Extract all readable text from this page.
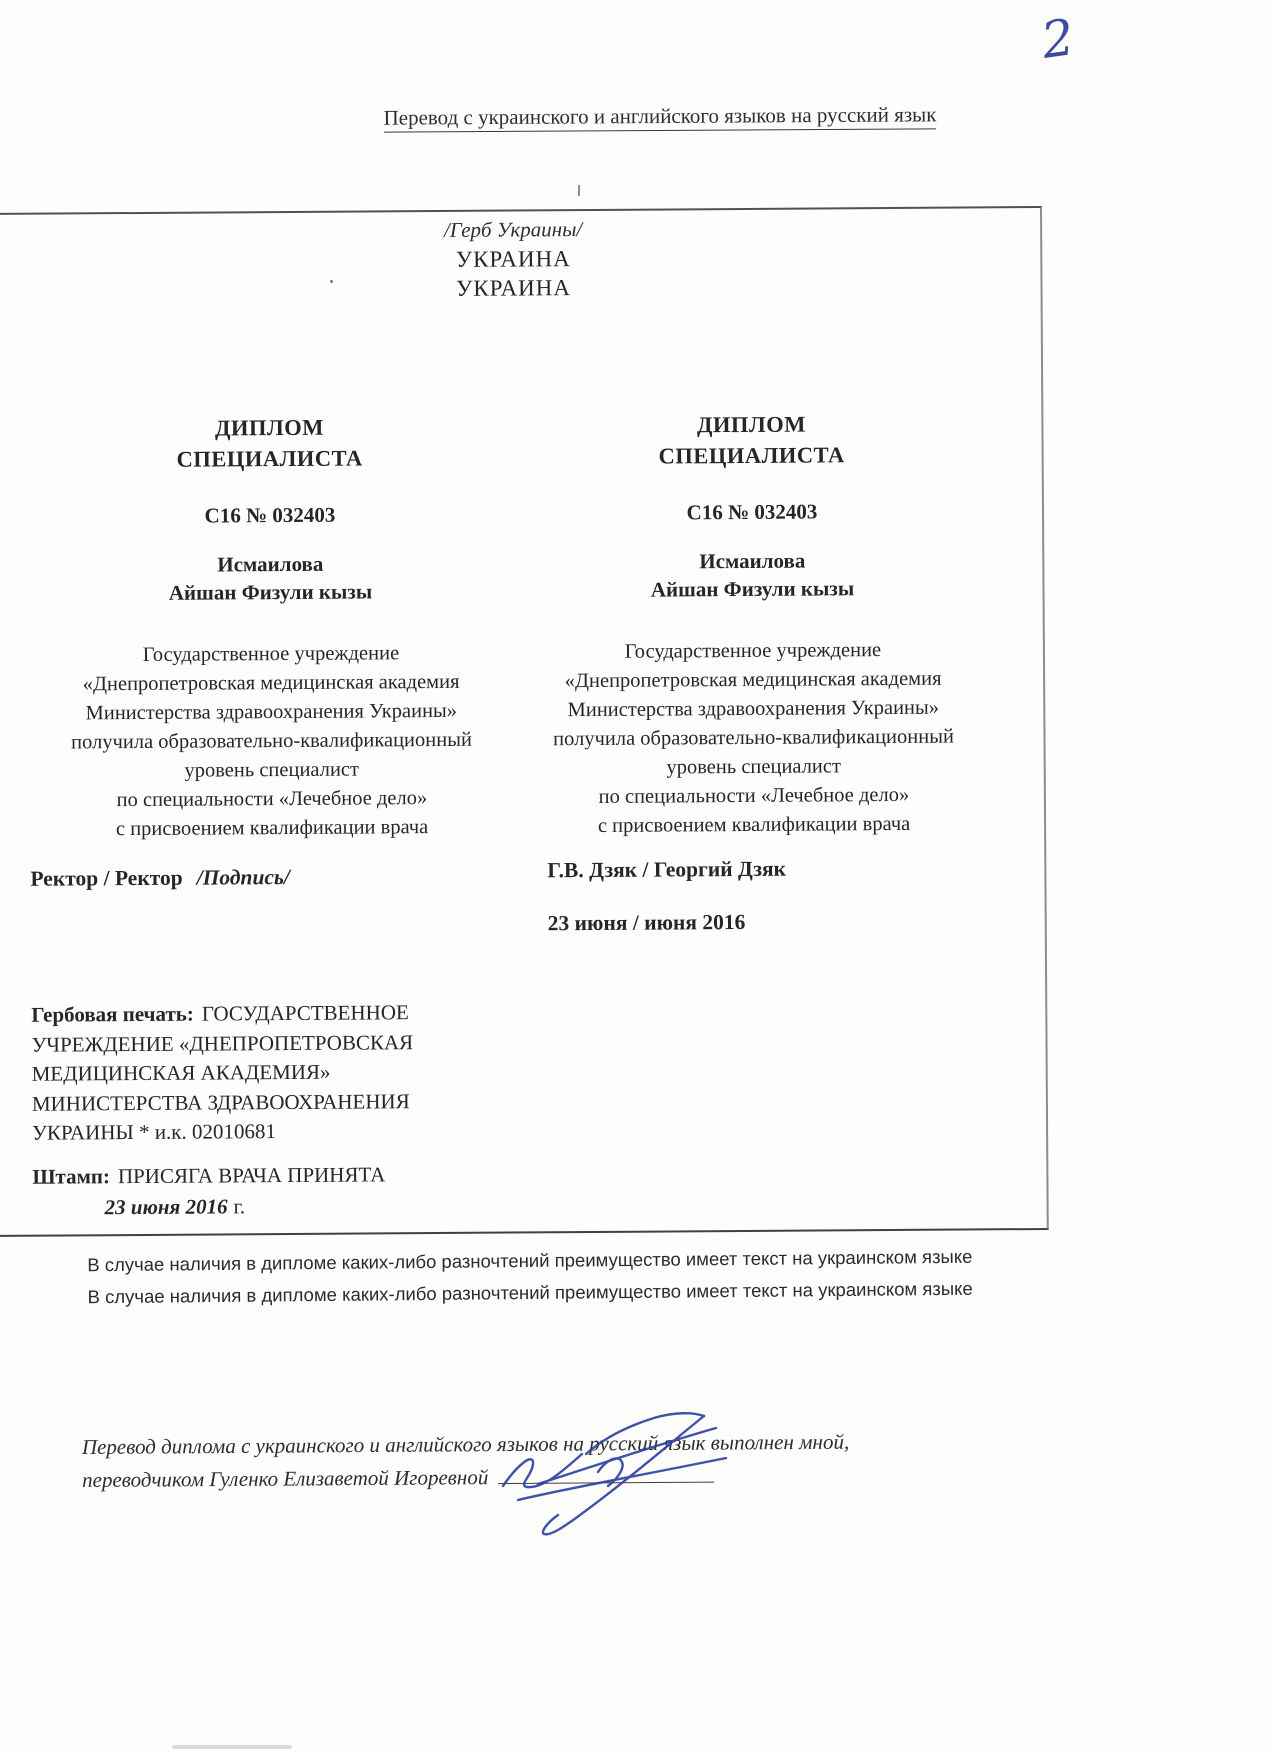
2
Перевод с украинского и английского языков на русский язык
/Герб Украины/
УКРАИНА
УКРАИНА
ДИПЛОМ
СПЕЦИАЛИСТА
С16 № 032403
Исмаилова
Айшан Физули кызы
Государственное учреждение
«Днепропетровская медицинская академия
Министерства здравоохранения Украины»
получила образовательно-квалификационный
уровень специалист
по специальности «Лечебное дело»
с присвоением квалификации врача
ДИПЛОМ
СПЕЦИАЛИСТА
С16 № 032403
Исмаилова
Айшан Физули кызы
Государственное учреждение
«Днепропетровская медицинская академия
Министерства здравоохранения Украины»
получила образовательно-квалификационный
уровень специалист
по специальности «Лечебное дело»
с присвоением квалификации врача
Ректор / Ректор /Подпись/	Г.В. Дзяк / Георгий Дзяк
23 июня / июня 2016
Гербовая печать: ГОСУДАРСТВЕННОЕ
УЧРЕЖДЕНИЕ «ДНЕПРОПЕТРОВСКАЯ
МЕДИЦИНСКАЯ АКАДЕМИЯ»
МИНИСТЕРСТВА ЗДРАВООХРАНЕНИЯ
УКРАИНЫ * и.к. 02010681
Штамп: ПРИСЯГА ВРАЧА ПРИНЯТА
23 июня 2016 г.
В случае наличия в дипломе каких-либо разночтений преимущество имеет текст на украинском языке
В случае наличия в дипломе каких-либо разночтений преимущество имеет текст на украинском языке
Перевод диплома с украинского и английского языков на русский язык выполнен мной,
переводчиком Гуленко Елизаветой Игоревной
